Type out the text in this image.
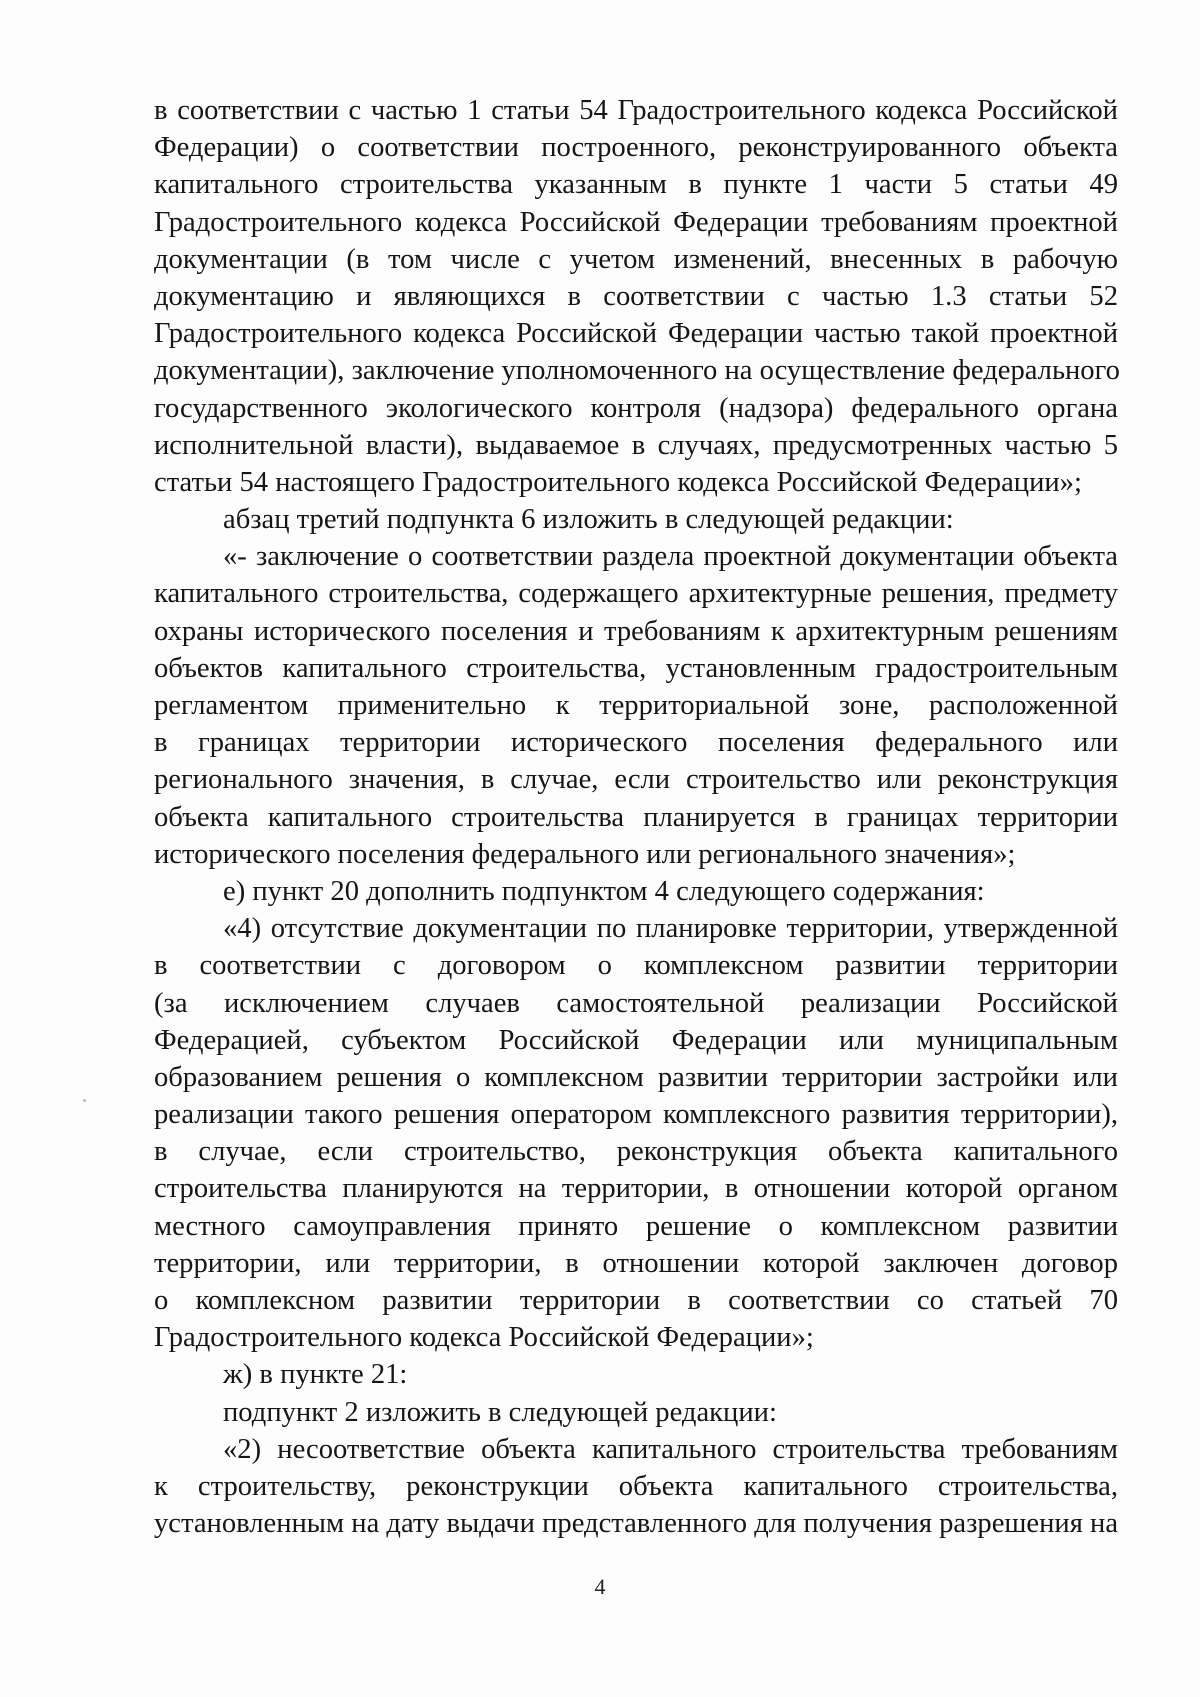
в соответствии с частью 1 статьи 54 Градостроительного кодекса Российской
Федерации) о соответствии построенного, реконструированного объекта
капитального строительства указанным в пункте 1 части 5 статьи 49
Градостроительного кодекса Российской Федерации требованиям проектной
документации (в том числе с учетом изменений, внесенных в рабочую
документацию и являющихся в соответствии с частью 1.3 статьи 52
Градостроительного кодекса Российской Федерации частью такой проектной
документации), заключение уполномоченного на осуществление федерального
государственного экологического контроля (надзора) федерального органа
исполнительной власти), выдаваемое в случаях, предусмотренных частью 5
статьи 54 настоящего Градостроительного кодекса Российской Федерации»;
абзац третий подпункта 6 изложить в следующей редакции:
«- заключение о соответствии раздела проектной документации объекта
капитального строительства, содержащего архитектурные решения, предмету
охраны исторического поселения и требованиям к архитектурным решениям
объектов капитального строительства, установленным градостроительным
регламентом применительно к территориальной зоне, расположенной
в границах территории исторического поселения федерального или
регионального значения, в случае, если строительство или реконструкция
объекта капитального строительства планируется в границах территории
исторического поселения федерального или регионального значения»;
е) пункт 20 дополнить подпунктом 4 следующего содержания:
«4) отсутствие документации по планировке территории, утвержденной
в соответствии с договором о комплексном развитии территории
(за исключением случаев самостоятельной реализации Российской
Федерацией, субъектом Российской Федерации или муниципальным
образованием решения о комплексном развитии территории застройки или
реализации такого решения оператором комплексного развития территории),
в случае, если строительство, реконструкция объекта капитального
строительства планируются на территории, в отношении которой органом
местного самоуправления принято решение о комплексном развитии
территории, или территории, в отношении которой заключен договор
о комплексном развитии территории в соответствии со статьей 70
Градостроительного кодекса Российской Федерации»;
ж) в пункте 21:
подпункт 2 изложить в следующей редакции:
«2) несоответствие объекта капитального строительства требованиям
к строительству, реконструкции объекта капитального строительства,
установленным на дату выдачи представленного для получения разрешения на
4
